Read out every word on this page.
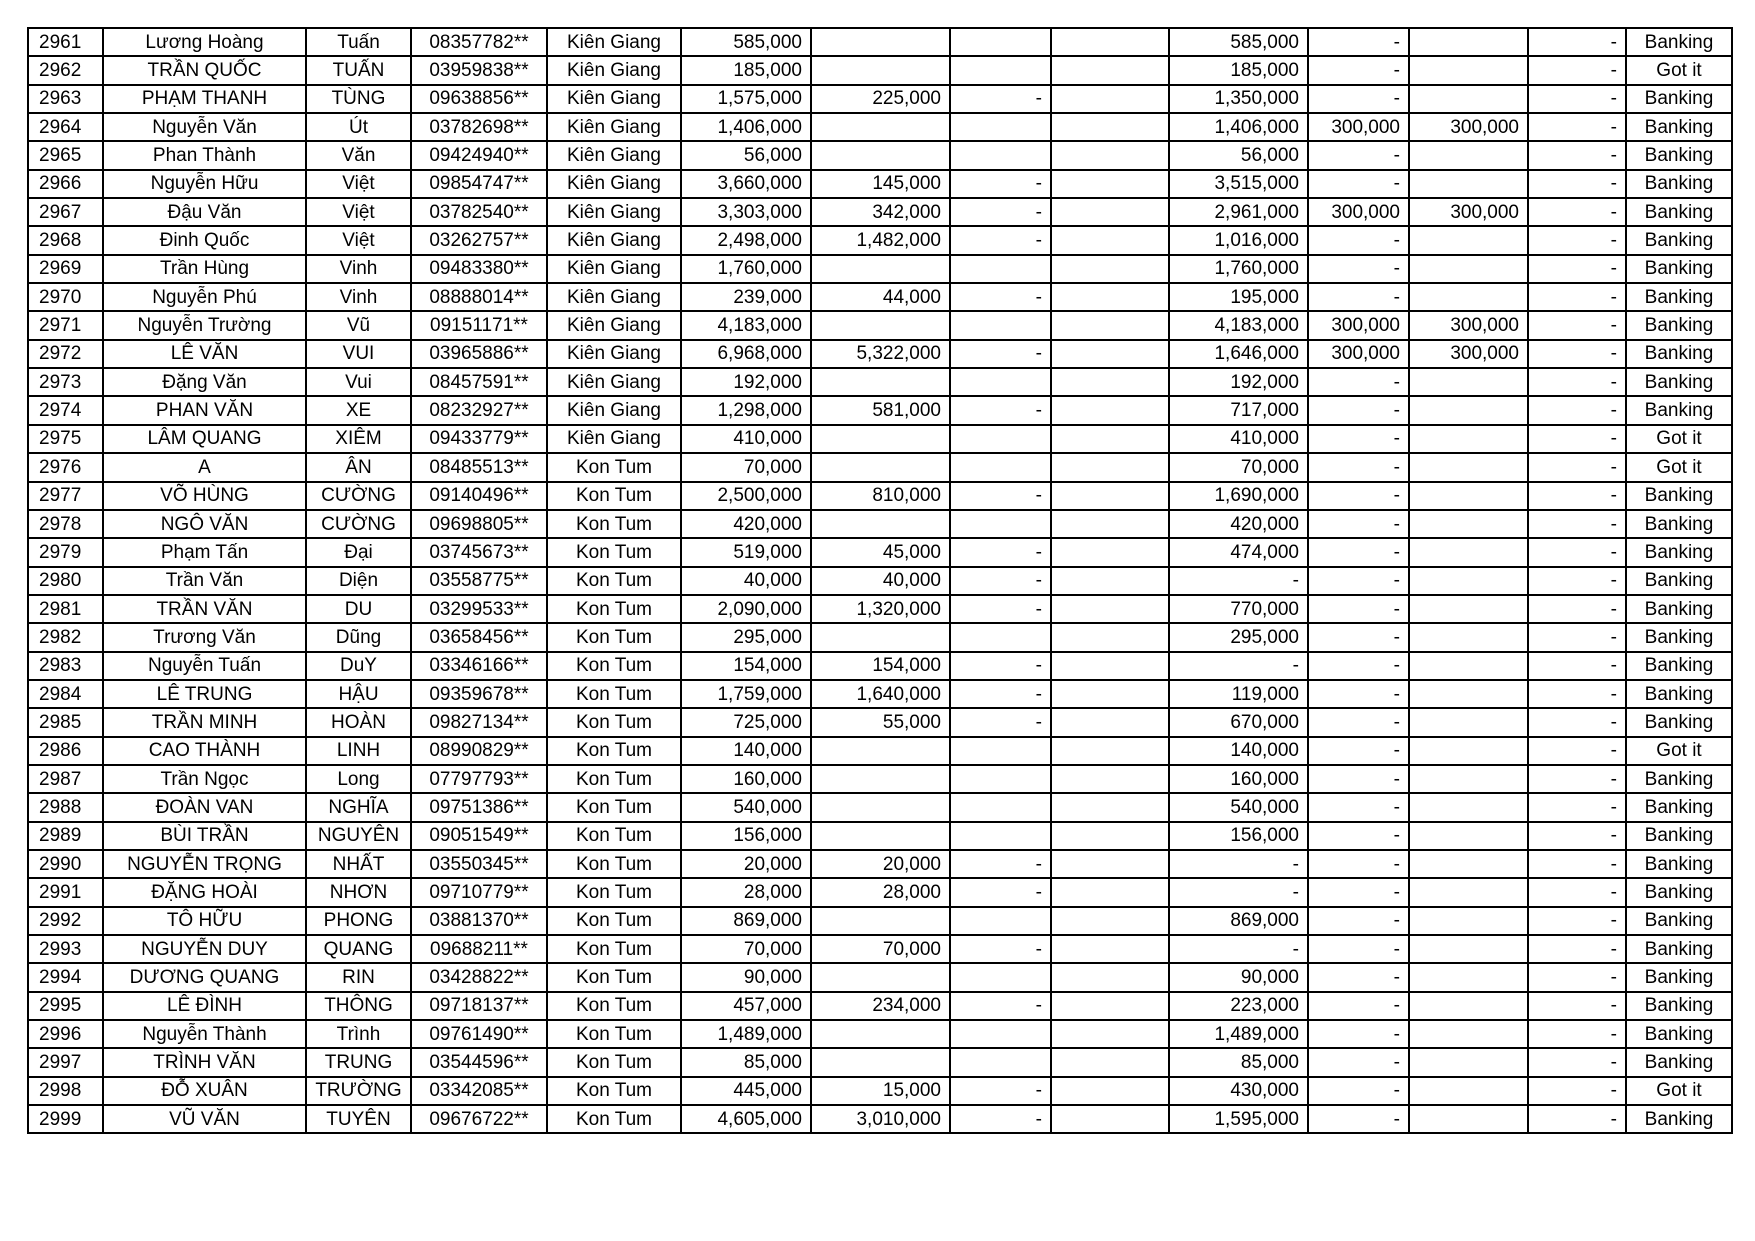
2961	Lương Hoàng	Tuấn	08357782**	Kiên Giang	585,000				585,000	-		-	Banking
2962	TRẦN QUỐC	TUẤN	03959838**	Kiên Giang	185,000				185,000	-		-	Got it
2963	PHẠM THANH	TÙNG	09638856**	Kiên Giang	1,575,000	225,000	-		1,350,000	-		-	Banking
2964	Nguyễn Văn	Út	03782698**	Kiên Giang	1,406,000				1,406,000	300,000	300,000	-	Banking
2965	Phan Thành	Văn	09424940**	Kiên Giang	56,000				56,000	-		-	Banking
2966	Nguyễn Hữu	Việt	09854747**	Kiên Giang	3,660,000	145,000	-		3,515,000	-		-	Banking
2967	Đậu Văn	Việt	03782540**	Kiên Giang	3,303,000	342,000	-		2,961,000	300,000	300,000	-	Banking
2968	Đinh Quốc	Việt	03262757**	Kiên Giang	2,498,000	1,482,000	-		1,016,000	-		-	Banking
2969	Trần Hùng	Vinh	09483380**	Kiên Giang	1,760,000				1,760,000	-		-	Banking
2970	Nguyễn Phú	Vinh	08888014**	Kiên Giang	239,000	44,000	-		195,000	-		-	Banking
2971	Nguyễn Trường	Vũ	09151171**	Kiên Giang	4,183,000				4,183,000	300,000	300,000	-	Banking
2972	LÊ VĂN	VUI	03965886**	Kiên Giang	6,968,000	5,322,000	-		1,646,000	300,000	300,000	-	Banking
2973	Đặng Văn	Vui	08457591**	Kiên Giang	192,000				192,000	-		-	Banking
2974	PHAN VĂN	XE	08232927**	Kiên Giang	1,298,000	581,000	-		717,000	-		-	Banking
2975	LÂM QUANG	XIÊM	09433779**	Kiên Giang	410,000				410,000	-		-	Got it
2976	A	ÂN	08485513**	Kon Tum	70,000				70,000	-		-	Got it
2977	VÕ HÙNG	CƯỜNG	09140496**	Kon Tum	2,500,000	810,000	-		1,690,000	-		-	Banking
2978	NGÔ VĂN	CƯỜNG	09698805**	Kon Tum	420,000				420,000	-		-	Banking
2979	Phạm Tấn	Đại	03745673**	Kon Tum	519,000	45,000	-		474,000	-		-	Banking
2980	Trần Văn	Diện	03558775**	Kon Tum	40,000	40,000	-		-	-		-	Banking
2981	TRẦN VĂN	DU	03299533**	Kon Tum	2,090,000	1,320,000	-		770,000	-		-	Banking
2982	Trương Văn	Dũng	03658456**	Kon Tum	295,000				295,000	-		-	Banking
2983	Nguyễn Tuấn	DuY	03346166**	Kon Tum	154,000	154,000	-		-	-		-	Banking
2984	LÊ TRUNG	HẬU	09359678**	Kon Tum	1,759,000	1,640,000	-		119,000	-		-	Banking
2985	TRẦN MINH	HOÀN	09827134**	Kon Tum	725,000	55,000	-		670,000	-		-	Banking
2986	CAO THÀNH	LINH	08990829**	Kon Tum	140,000				140,000	-		-	Got it
2987	Trần Ngọc	Long	07797793**	Kon Tum	160,000				160,000	-		-	Banking
2988	ĐOÀN VAN	NGHĨA	09751386**	Kon Tum	540,000				540,000	-		-	Banking
2989	BÙI TRẦN	NGUYÊN	09051549**	Kon Tum	156,000				156,000	-		-	Banking
2990	NGUYỄN TRỌNG	NHẤT	03550345**	Kon Tum	20,000	20,000	-		-	-		-	Banking
2991	ĐẶNG HOÀI	NHƠN	09710779**	Kon Tum	28,000	28,000	-		-	-		-	Banking
2992	TÔ HỮU	PHONG	03881370**	Kon Tum	869,000				869,000	-		-	Banking
2993	NGUYỄN DUY	QUANG	09688211**	Kon Tum	70,000	70,000	-		-	-		-	Banking
2994	DƯƠNG QUANG	RIN	03428822**	Kon Tum	90,000				90,000	-		-	Banking
2995	LÊ ĐÌNH	THÔNG	09718137**	Kon Tum	457,000	234,000	-		223,000	-		-	Banking
2996	Nguyễn Thành	Trình	09761490**	Kon Tum	1,489,000				1,489,000	-		-	Banking
2997	TRÌNH VĂN	TRUNG	03544596**	Kon Tum	85,000				85,000	-		-	Banking
2998	ĐỖ XUÂN	TRƯỜNG	03342085**	Kon Tum	445,000	15,000	-		430,000	-		-	Got it
2999	VŨ VĂN	TUYÊN	09676722**	Kon Tum	4,605,000	3,010,000	-		1,595,000	-		-	Banking
